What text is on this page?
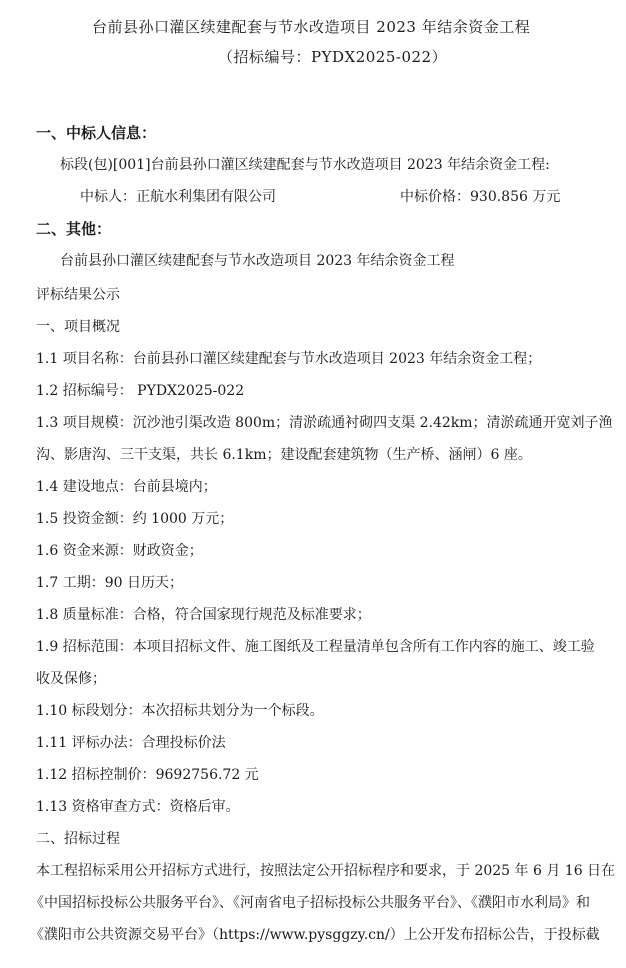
台前县孙口灌区续建配套与节水改造项目 2023 年结余资金工程
（招标编号：PYDX2025-022）
一、中标人信息：
标段(包)[001]台前县孙口灌区续建配套与节水改造项目 2023 年结余资金工程:
中标人：正航水利集团有限公司	中标价格：930.856 万元
二、其他：
台前县孙口灌区续建配套与节水改造项目 2023 年结余资金工程
评标结果公示
一、项目概况
1.1 项目名称：台前县孙口灌区续建配套与节水改造项目 2023 年结余资金工程；
1.2 招标编号： PYDX2025-022
1.3 项目规模：沉沙池引渠改造 800m；清淤疏通衬砌四支渠 2.42km；清淤疏通开宽刘子渔
沟、影唐沟、三干支渠，共长 6.1km；建设配套建筑物（生产桥、涵闸）6 座。
1.4 建设地点：台前县境内；
1.5 投资金额：约 1000 万元；
1.6 资金来源：财政资金；
1.7 工期：90 日历天；
1.8 质量标准：合格，符合国家现行规范及标准要求；
1.9 招标范围：本项目招标文件、施工图纸及工程量清单包含所有工作内容的施工、竣工验
收及保修；
1.10 标段划分：本次招标共划分为一个标段。
1.11 评标办法：合理投标价法
1.12 招标控制价：9692756.72 元
1.13 资格审查方式：资格后审。
二、招标过程
本工程招标采用公开招标方式进行，按照法定公开招标程序和要求，于 2025 年 6 月 16 日在
《中国招标投标公共服务平台》、《河南省电子招标投标公共服务平台》、《濮阳市水利局》和
《濮阳市公共资源交易平台》（https://www.pysggzy.cn/）上公开发布招标公告，于投标截
